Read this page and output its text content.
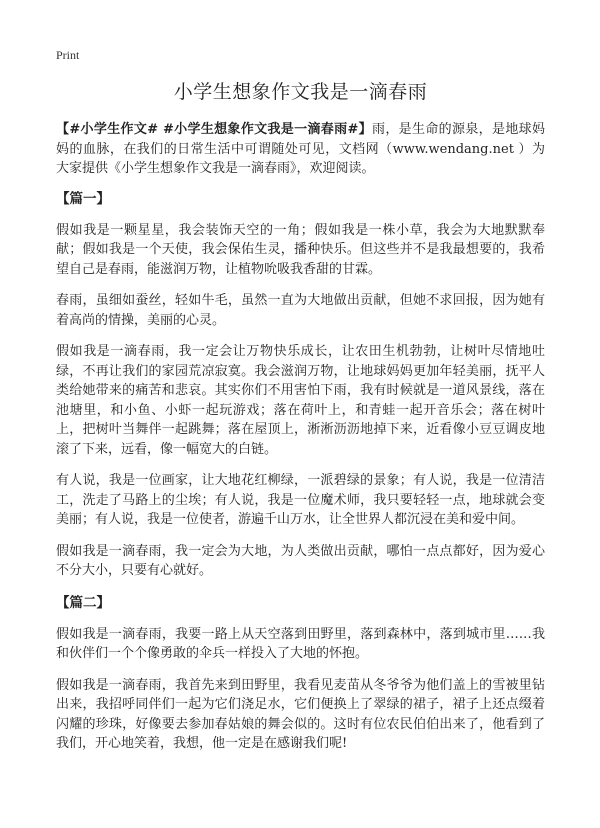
Print
小学生想象作文我是一滴春雨

【#小学生作文# #小学生想象作文我是一滴春雨#】雨，是生命的源泉，是地球妈妈的血脉，在我们的日常生活中可谓随处可见，文档网（www.wendang.net ）为大家提供《小学生想象作文我是一滴春雨》，欢迎阅读。

【篇一】

假如我是一颗星星，我会装饰天空的一角；假如我是一株小草，我会为大地默默奉献；假如我是一个天使，我会保佑生灵，播种快乐。但这些并不是我最想要的，我希望自己是春雨，能滋润万物，让植物吮吸我香甜的甘霖。

春雨，虽细如蚕丝，轻如牛毛，虽然一直为大地做出贡献，但她不求回报，因为她有着高尚的情操，美丽的心灵。

假如我是一滴春雨，我一定会让万物快乐成长，让农田生机勃勃，让树叶尽情地吐绿，不再让我们的家园荒凉寂寞。我会滋润万物，让地球妈妈更加年轻美丽，抚平人类给她带来的痛苦和悲哀。其实你们不用害怕下雨，我有时候就是一道风景线，落在池塘里，和小鱼、小虾一起玩游戏；落在荷叶上，和青蛙一起开音乐会；落在树叶上，把树叶当舞伴一起跳舞；落在屋顶上，淅淅沥沥地掉下来，近看像小豆豆调皮地滚了下来，远看，像一幅宽大的白链。

有人说，我是一位画家，让大地花红柳绿，一派碧绿的景象；有人说，我是一位清洁工，洗走了马路上的尘埃；有人说，我是一位魔术师，我只要轻轻一点，地球就会变美丽；有人说，我是一位使者，游遍千山万水，让全世界人都沉浸在美和爱中间。

假如我是一滴春雨，我一定会为大地，为人类做出贡献，哪怕一点点都好，因为爱心不分大小，只要有心就好。

【篇二】

假如我是一滴春雨，我要一路上从天空落到田野里，落到森林中，落到城市里……我和伙伴们一个个像勇敢的伞兵一样投入了大地的怀抱。

假如我是一滴春雨，我首先来到田野里，我看见麦苗从冬爷爷为他们盖上的雪被里钻出来，我招呼同伴们一起为它们浇足水，它们便换上了翠绿的裙子，裙子上还点缀着闪耀的珍珠，好像要去参加春姑娘的舞会似的。这时有位农民伯伯出来了，他看到了我们，开心地笑着，我想，他一定是在感谢我们呢!
